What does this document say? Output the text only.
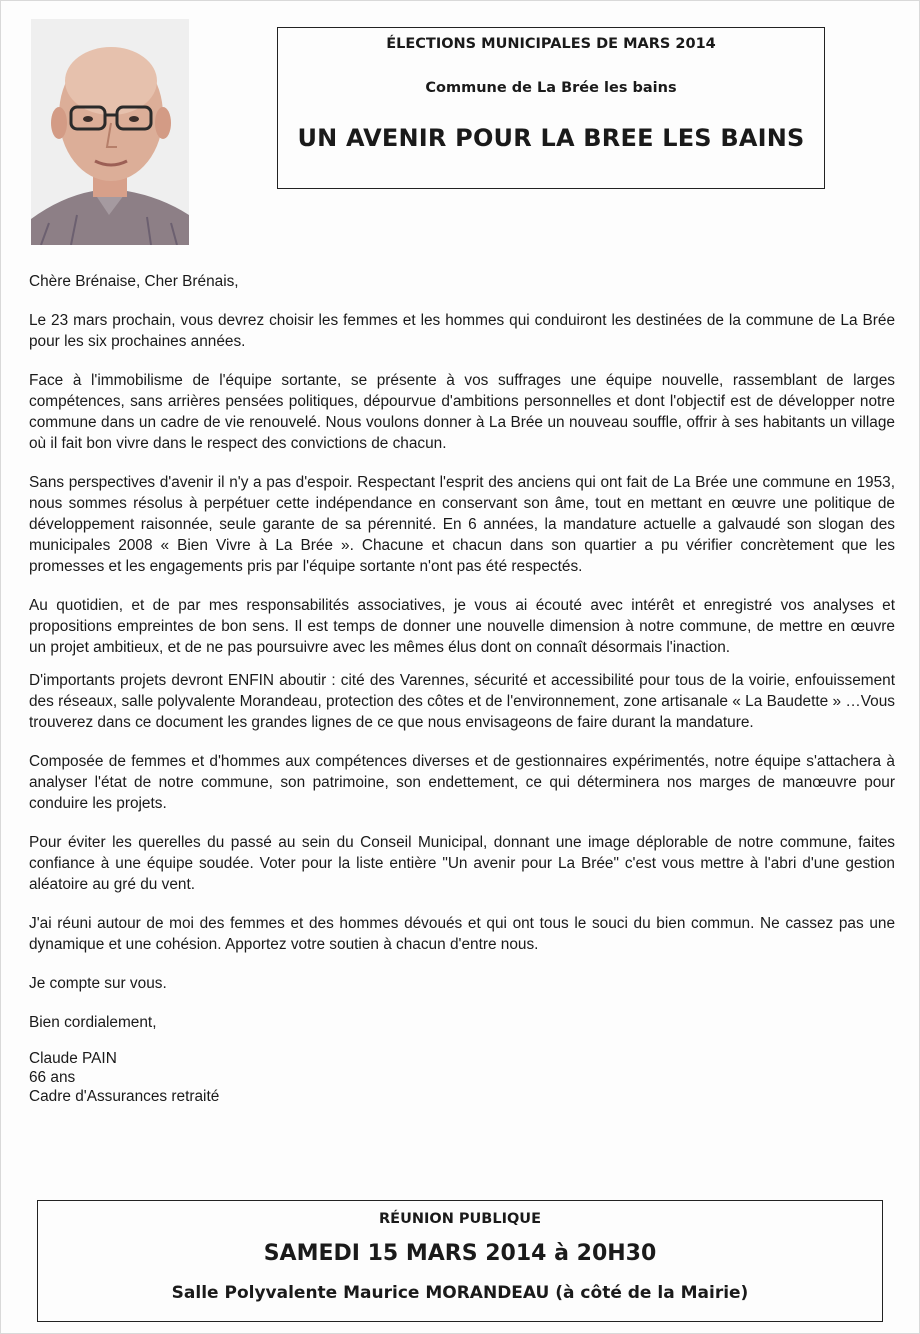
ÉLECTIONS MUNICIPALES DE MARS 2014
Commune de La Brée les bains
UN AVENIR POUR LA BREE LES BAINS

Chère Brénaise, Cher Brénais,

Le 23 mars prochain, vous devrez choisir les femmes et les hommes qui conduiront les destinées de la commune de La Brée pour les six prochaines années.

Face à l'immobilisme de l'équipe sortante, se présente à vos suffrages une équipe nouvelle, rassemblant de larges compétences, sans arrières pensées politiques, dépourvue d'ambitions personnelles et dont l'objectif est de développer notre commune dans un cadre de vie renouvelé. Nous voulons donner à La Brée un nouveau souffle, offrir à ses habitants un village où il fait bon vivre dans le respect des convictions de chacun.

Sans perspectives d'avenir il n'y a pas d'espoir. Respectant l'esprit des anciens qui ont fait de La Brée une commune en 1953, nous sommes résolus à perpétuer cette indépendance en conservant son âme, tout en mettant en œuvre une politique de développement raisonnée, seule garante de sa pérennité. En 6 années, la mandature actuelle a galvaudé son slogan des municipales 2008 « Bien Vivre à La Brée ». Chacune et chacun dans son quartier a pu vérifier concrètement que les promesses et les engagements pris par l'équipe sortante n'ont pas été respectés.

Au quotidien, et de par mes responsabilités associatives, je vous ai écouté avec intérêt et enregistré vos analyses et propositions empreintes de bon sens. Il est temps de donner une nouvelle dimension à notre commune, de mettre en œuvre un projet ambitieux, et de ne pas poursuivre avec les mêmes élus dont on connaît désormais l'inaction.

D'importants projets devront ENFIN aboutir : cité des Varennes, sécurité et accessibilité pour tous de la voirie, enfouissement des réseaux, salle polyvalente Morandeau, protection des côtes et de l'environnement, zone artisanale « La Baudette » …Vous trouverez dans ce document les grandes lignes de ce que nous envisageons de faire durant la mandature.

Composée de femmes et d'hommes aux compétences diverses et de gestionnaires expérimentés, notre équipe s'attachera à analyser l'état de notre commune, son patrimoine, son endettement, ce qui déterminera nos marges de manœuvre pour conduire les projets.

Pour éviter les querelles du passé au sein du Conseil Municipal, donnant une image déplorable de notre commune, faites confiance à une équipe soudée. Voter pour la liste entière "Un avenir pour La Brée" c'est vous mettre à l'abri d'une gestion aléatoire au gré du vent.

J'ai réuni autour de moi des femmes et des hommes dévoués et qui ont tous le souci du bien commun. Ne cassez pas une dynamique et une cohésion. Apportez votre soutien à chacun d'entre nous.

Je compte sur vous.

Bien cordialement,

Claude PAIN
66 ans
Cadre d'Assurances retraité
RÉUNION PUBLIQUE
SAMEDI 15 MARS 2014 à 20H30
Salle Polyvalente Maurice MORANDEAU (à côté de la Mairie)
